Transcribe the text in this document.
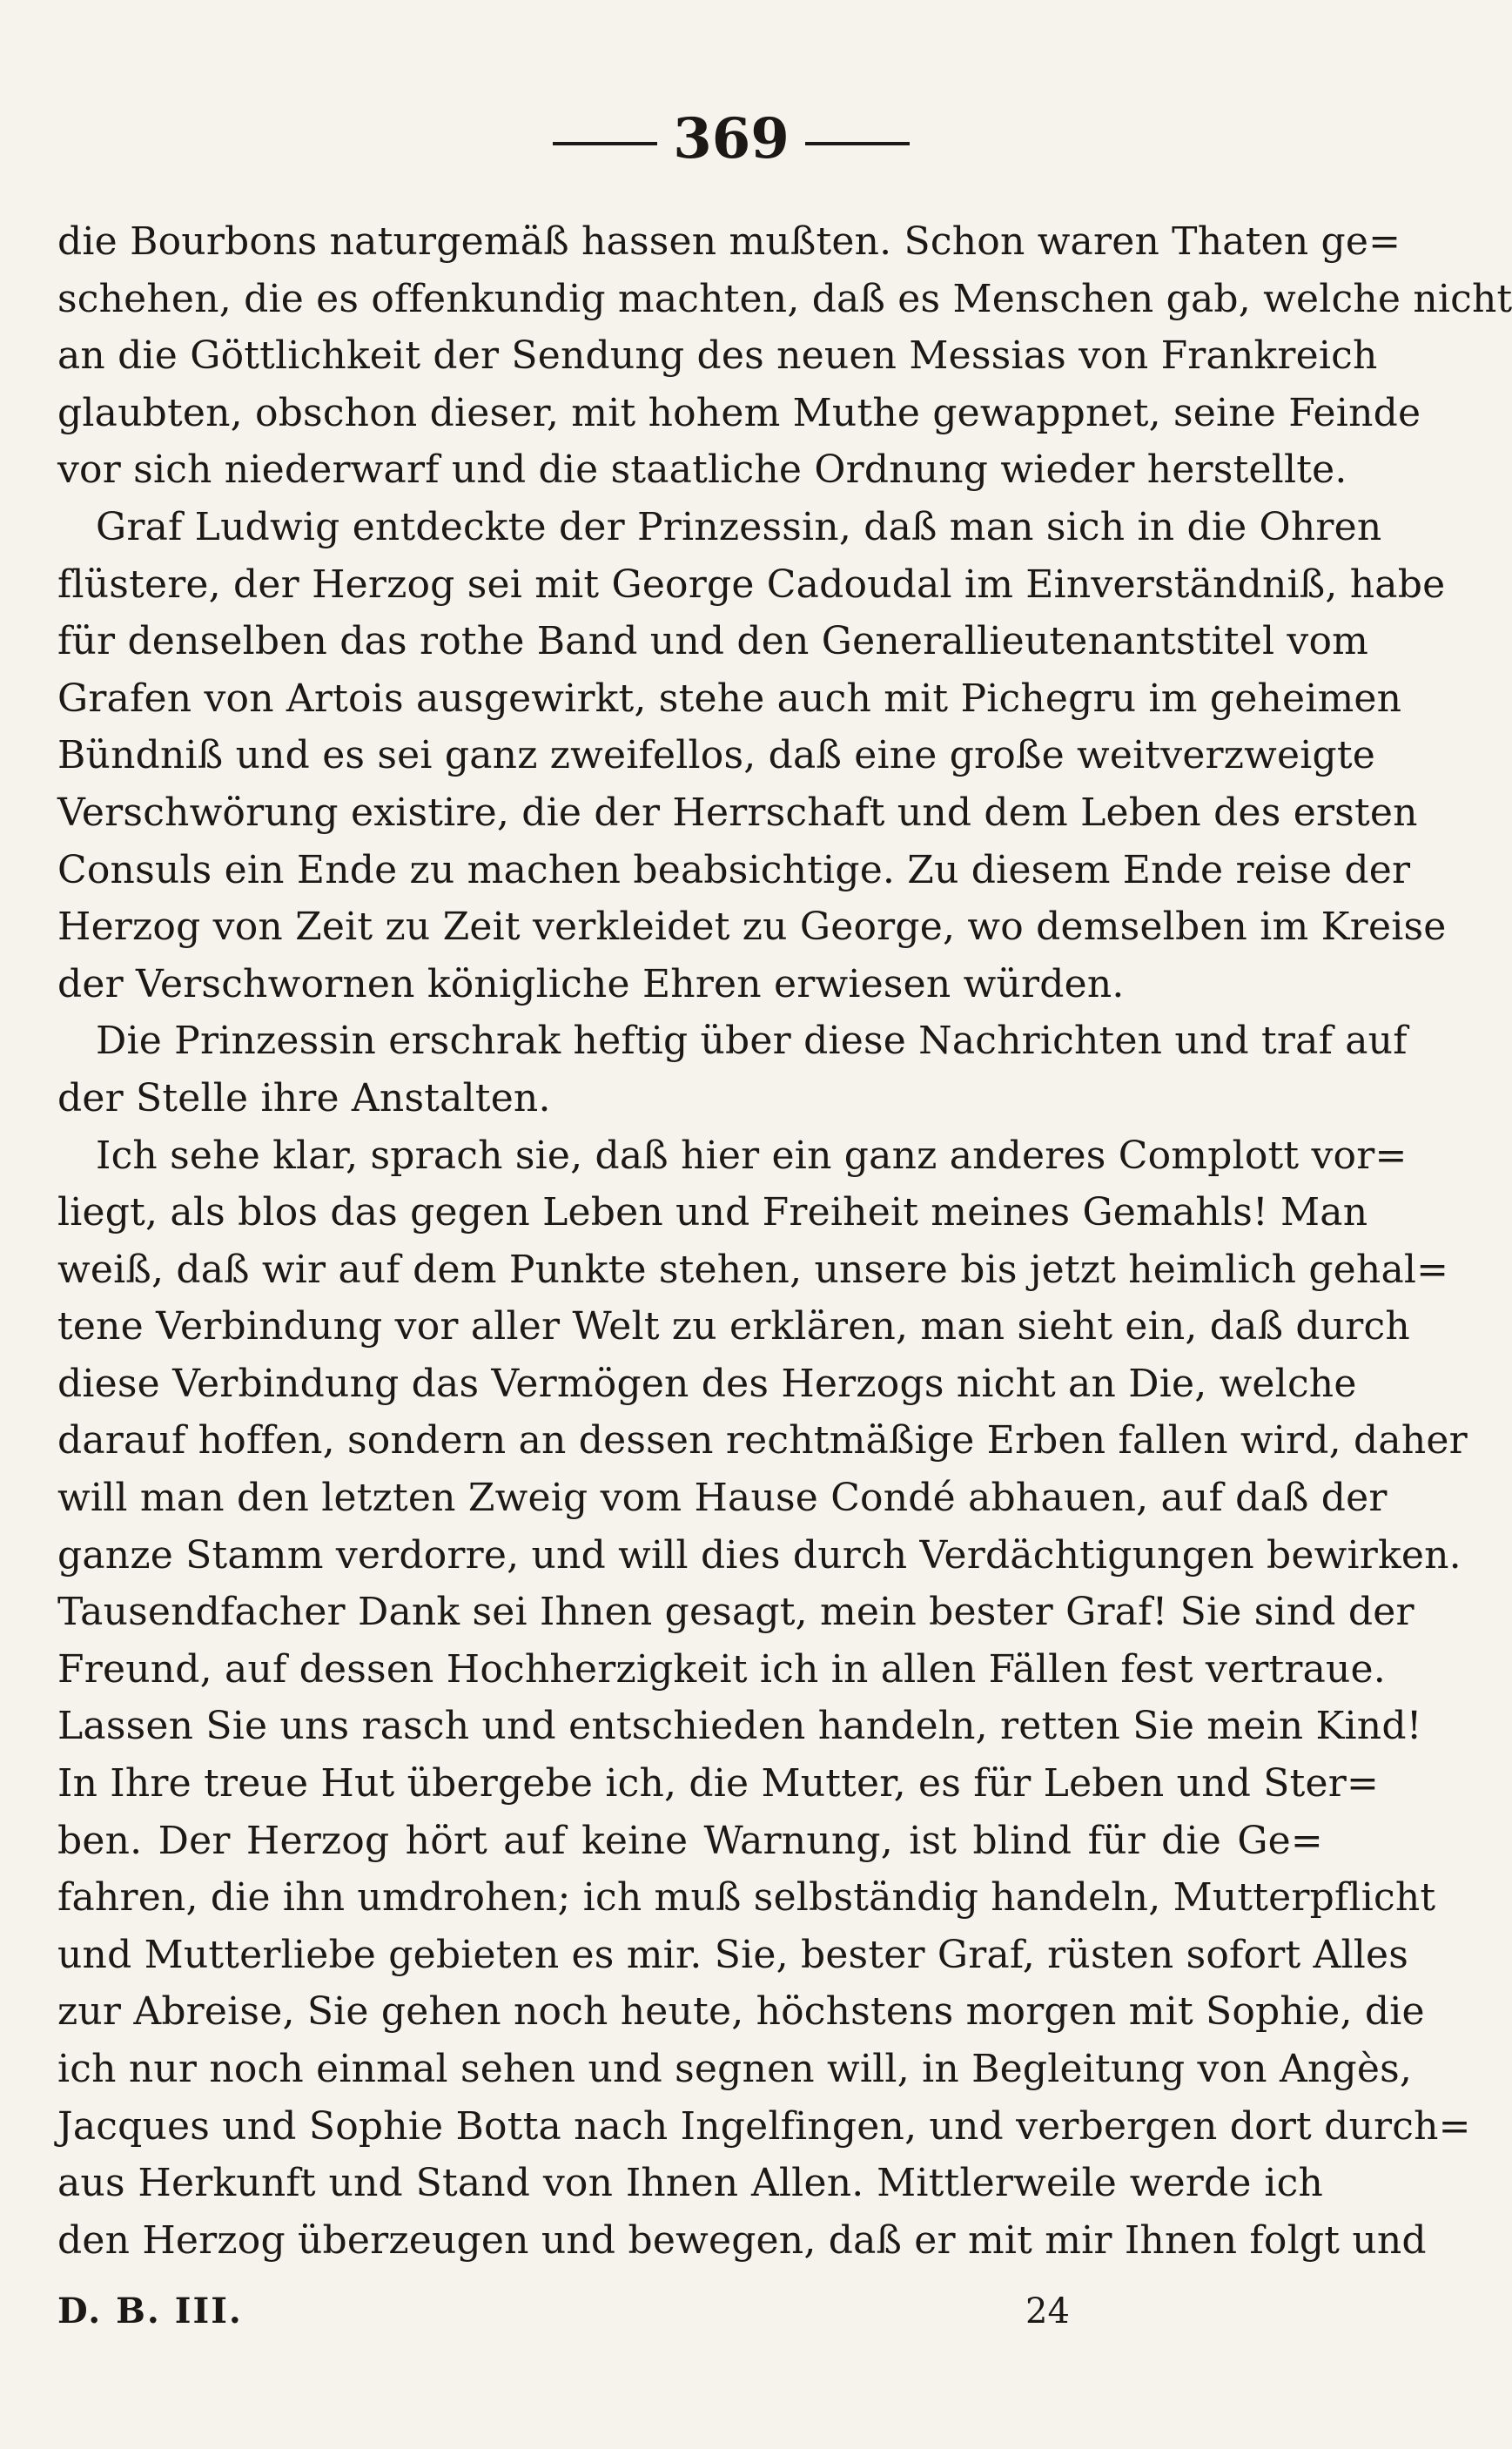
369
die Bourbons naturgemäß hassen mußten. Schon waren Thaten ge=
schehen, die es offenkundig machten, daß es Menschen gab, welche nicht
an die Göttlichkeit der Sendung des neuen Messias von Frankreich
glaubten, obschon dieser, mit hohem Muthe gewappnet, seine Feinde
vor sich niederwarf und die staatliche Ordnung wieder herstellte.
Graf Ludwig entdeckte der Prinzessin, daß man sich in die Ohren
flüstere, der Herzog sei mit George Cadoudal im Einverständniß, habe
für denselben das rothe Band und den Generallieutenantstitel vom
Grafen von Artois ausgewirkt, stehe auch mit Pichegru im geheimen
Bündniß und es sei ganz zweifellos, daß eine große weitverzweigte
Verschwörung existire, die der Herrschaft und dem Leben des ersten
Consuls ein Ende zu machen beabsichtige. Zu diesem Ende reise der
Herzog von Zeit zu Zeit verkleidet zu George, wo demselben im Kreise
der Verschwornen königliche Ehren erwiesen würden.
Die Prinzessin erschrak heftig über diese Nachrichten und traf auf
der Stelle ihre Anstalten.
Ich sehe klar, sprach sie, daß hier ein ganz anderes Complott vor=
liegt, als blos das gegen Leben und Freiheit meines Gemahls! Man
weiß, daß wir auf dem Punkte stehen, unsere bis jetzt heimlich gehal=
tene Verbindung vor aller Welt zu erklären, man sieht ein, daß durch
diese Verbindung das Vermögen des Herzogs nicht an Die, welche
darauf hoffen, sondern an dessen rechtmäßige Erben fallen wird, daher
will man den letzten Zweig vom Hause Condé abhauen, auf daß der
ganze Stamm verdorre, und will dies durch Verdächtigungen bewirken.
Tausendfacher Dank sei Ihnen gesagt, mein bester Graf! Sie sind der
Freund, auf dessen Hochherzigkeit ich in allen Fällen fest vertraue.
Lassen Sie uns rasch und entschieden handeln, retten Sie mein Kind!
In Ihre treue Hut übergebe ich, die Mutter, es für Leben und Ster=
ben. Der Herzog hört auf keine Warnung, ist blind für die Ge=
fahren, die ihn umdrohen; ich muß selbständig handeln, Mutterpflicht
und Mutterliebe gebieten es mir. Sie, bester Graf, rüsten sofort Alles
zur Abreise, Sie gehen noch heute, höchstens morgen mit Sophie, die
ich nur noch einmal sehen und segnen will, in Begleitung von Angès,
Jacques und Sophie Botta nach Ingelfingen, und verbergen dort durch=
aus Herkunft und Stand von Ihnen Allen. Mittlerweile werde ich
den Herzog überzeugen und bewegen, daß er mit mir Ihnen folgt und
D. B. III.	24
